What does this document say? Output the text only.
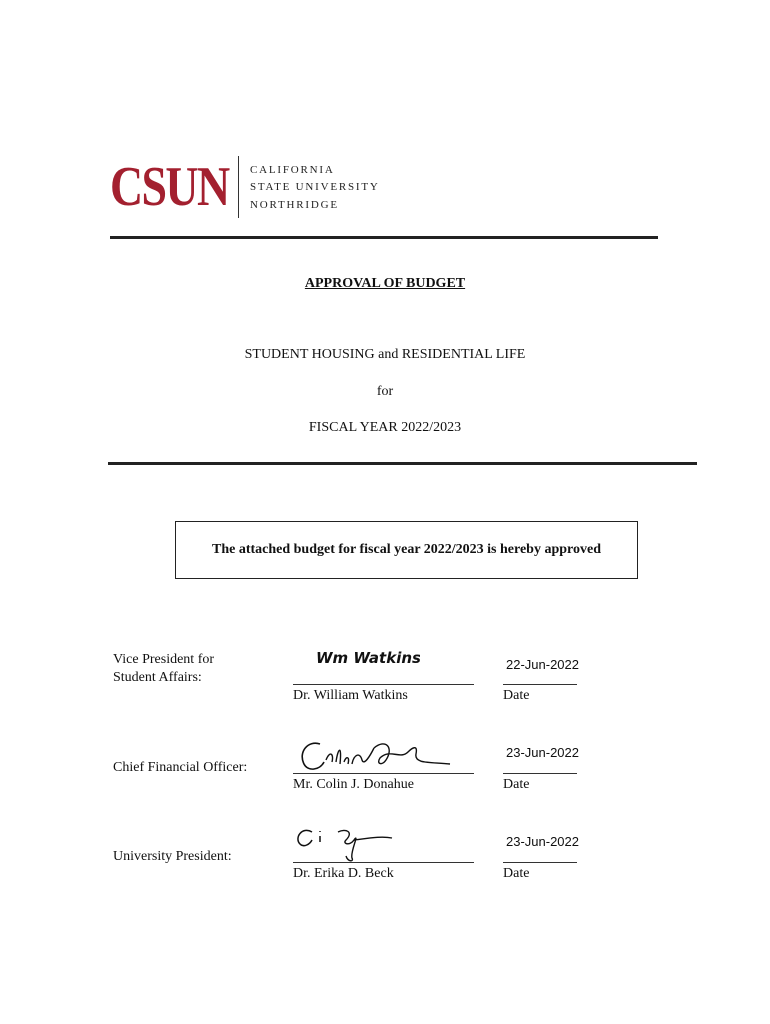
CSUN CALIFORNIA
STATE UNIVERSITY
NORTHRIDGE
APPROVAL OF BUDGET
STUDENT HOUSING and RESIDENTIAL LIFE
for
FISCAL YEAR 2022/2023
The attached budget for fiscal year 2022/2023 is hereby approved
Vice President for
Student Affairs:
Wm Watkins	22-Jun-2022
Dr. William Watkins	Date
Chief Financial Officer:
23-Jun-2022
Mr. Colin J. Donahue	Date
University President:
23-Jun-2022
Dr. Erika D. Beck	Date
